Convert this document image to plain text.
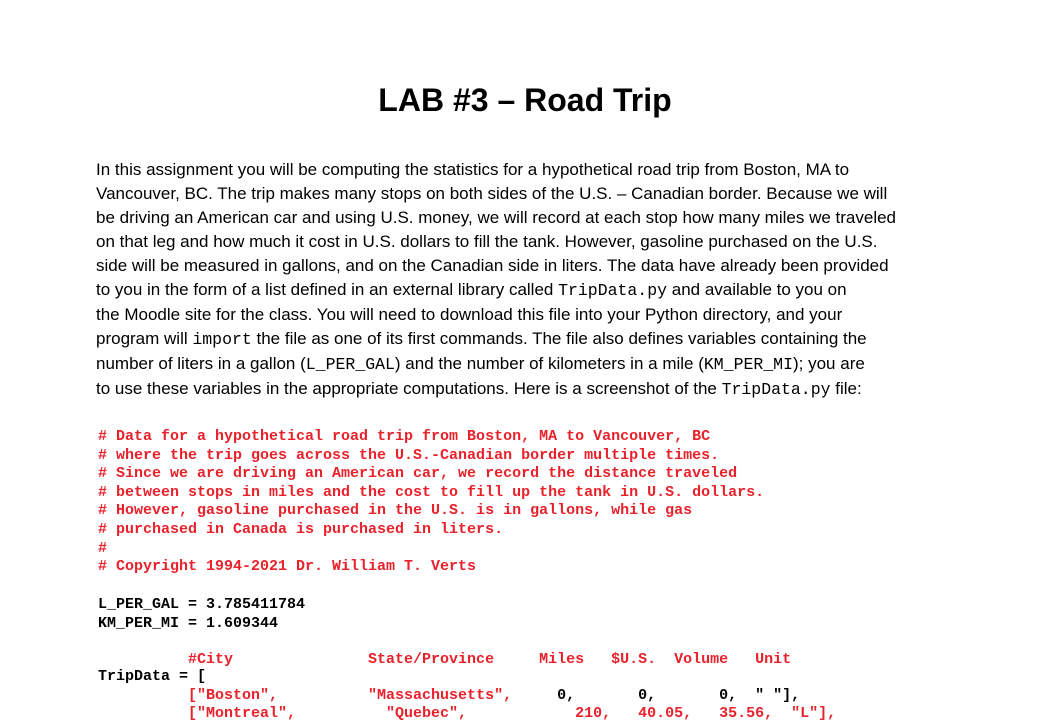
LAB #3 – Road Trip
In this assignment you will be computing the statistics for a hypothetical road trip from Boston, MA to
Vancouver, BC. The trip makes many stops on both sides of the U.S. – Canadian border. Because we will
be driving an American car and using U.S. money, we will record at each stop how many miles we traveled
on that leg and how much it cost in U.S. dollars to fill the tank. However, gasoline purchased on the U.S.
side will be measured in gallons, and on the Canadian side in liters. The data have already been provided
to you in the form of a list defined in an external library called TripData.py and available to you on
the Moodle site for the class. You will need to download this file into your Python directory, and your
program will import the file as one of its first commands. The file also defines variables containing the
number of liters in a gallon (L_PER_GAL) and the number of kilometers in a mile (KM_PER_MI); you are
to use these variables in the appropriate computations. Here is a screenshot of the TripData.py file:
# Data for a hypothetical road trip from Boston, MA to Vancouver, BC
# where the trip goes across the U.S.-Canadian border multiple times.
# Since we are driving an American car, we record the distance traveled
# between stops in miles and the cost to fill up the tank in U.S. dollars.
# However, gasoline purchased in the U.S. is in gallons, while gas
# purchased in Canada is purchased in liters.
#
# Copyright 1994-2021 Dr. William T. Verts
L_PER_GAL = 3.785411784
KM_PER_MI = 1.609344
#City               State/Province     Miles   $U.S.  Volume   Unit
TripData = [
["Boston",          "Massachusetts",     0,       0,       0,  " "],
["Montreal",          "Quebec",            210,   40.05,   35.56,  "L"],
